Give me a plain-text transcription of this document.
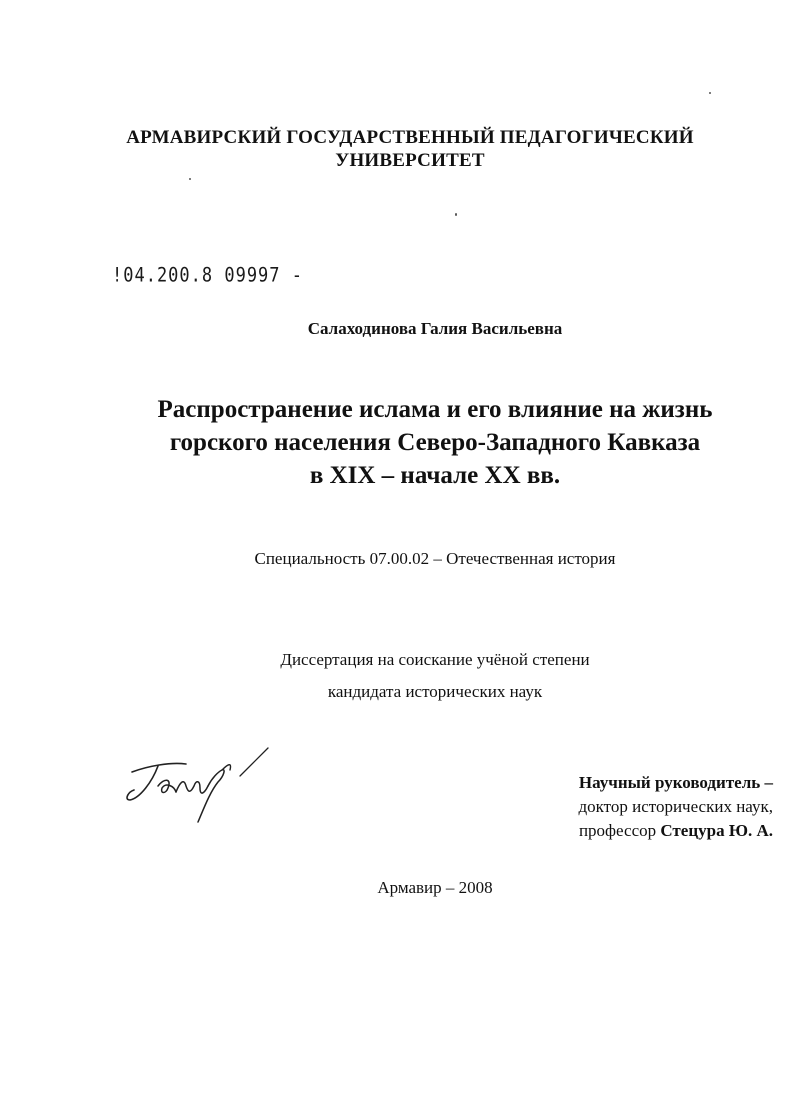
АРМАВИРСКИЙ ГОСУДАРСТВЕННЫЙ ПЕДАГОГИЧЕСКИЙ
УНИВЕРСИТЕТ
!04.200.8 09997 -
Салаходинова Галия Васильевна
Распространение ислама и его влияние на жизнь
горского населения Северо-Западного Кавказа
в XIX – начале XX вв.
Специальность 07.00.02 – Отечественная история
Диссертация на соискание учёной степени
кандидата исторических наук
Научный руководитель –
доктор исторических наук,
профессор Стецура Ю. А.
Армавир – 2008
